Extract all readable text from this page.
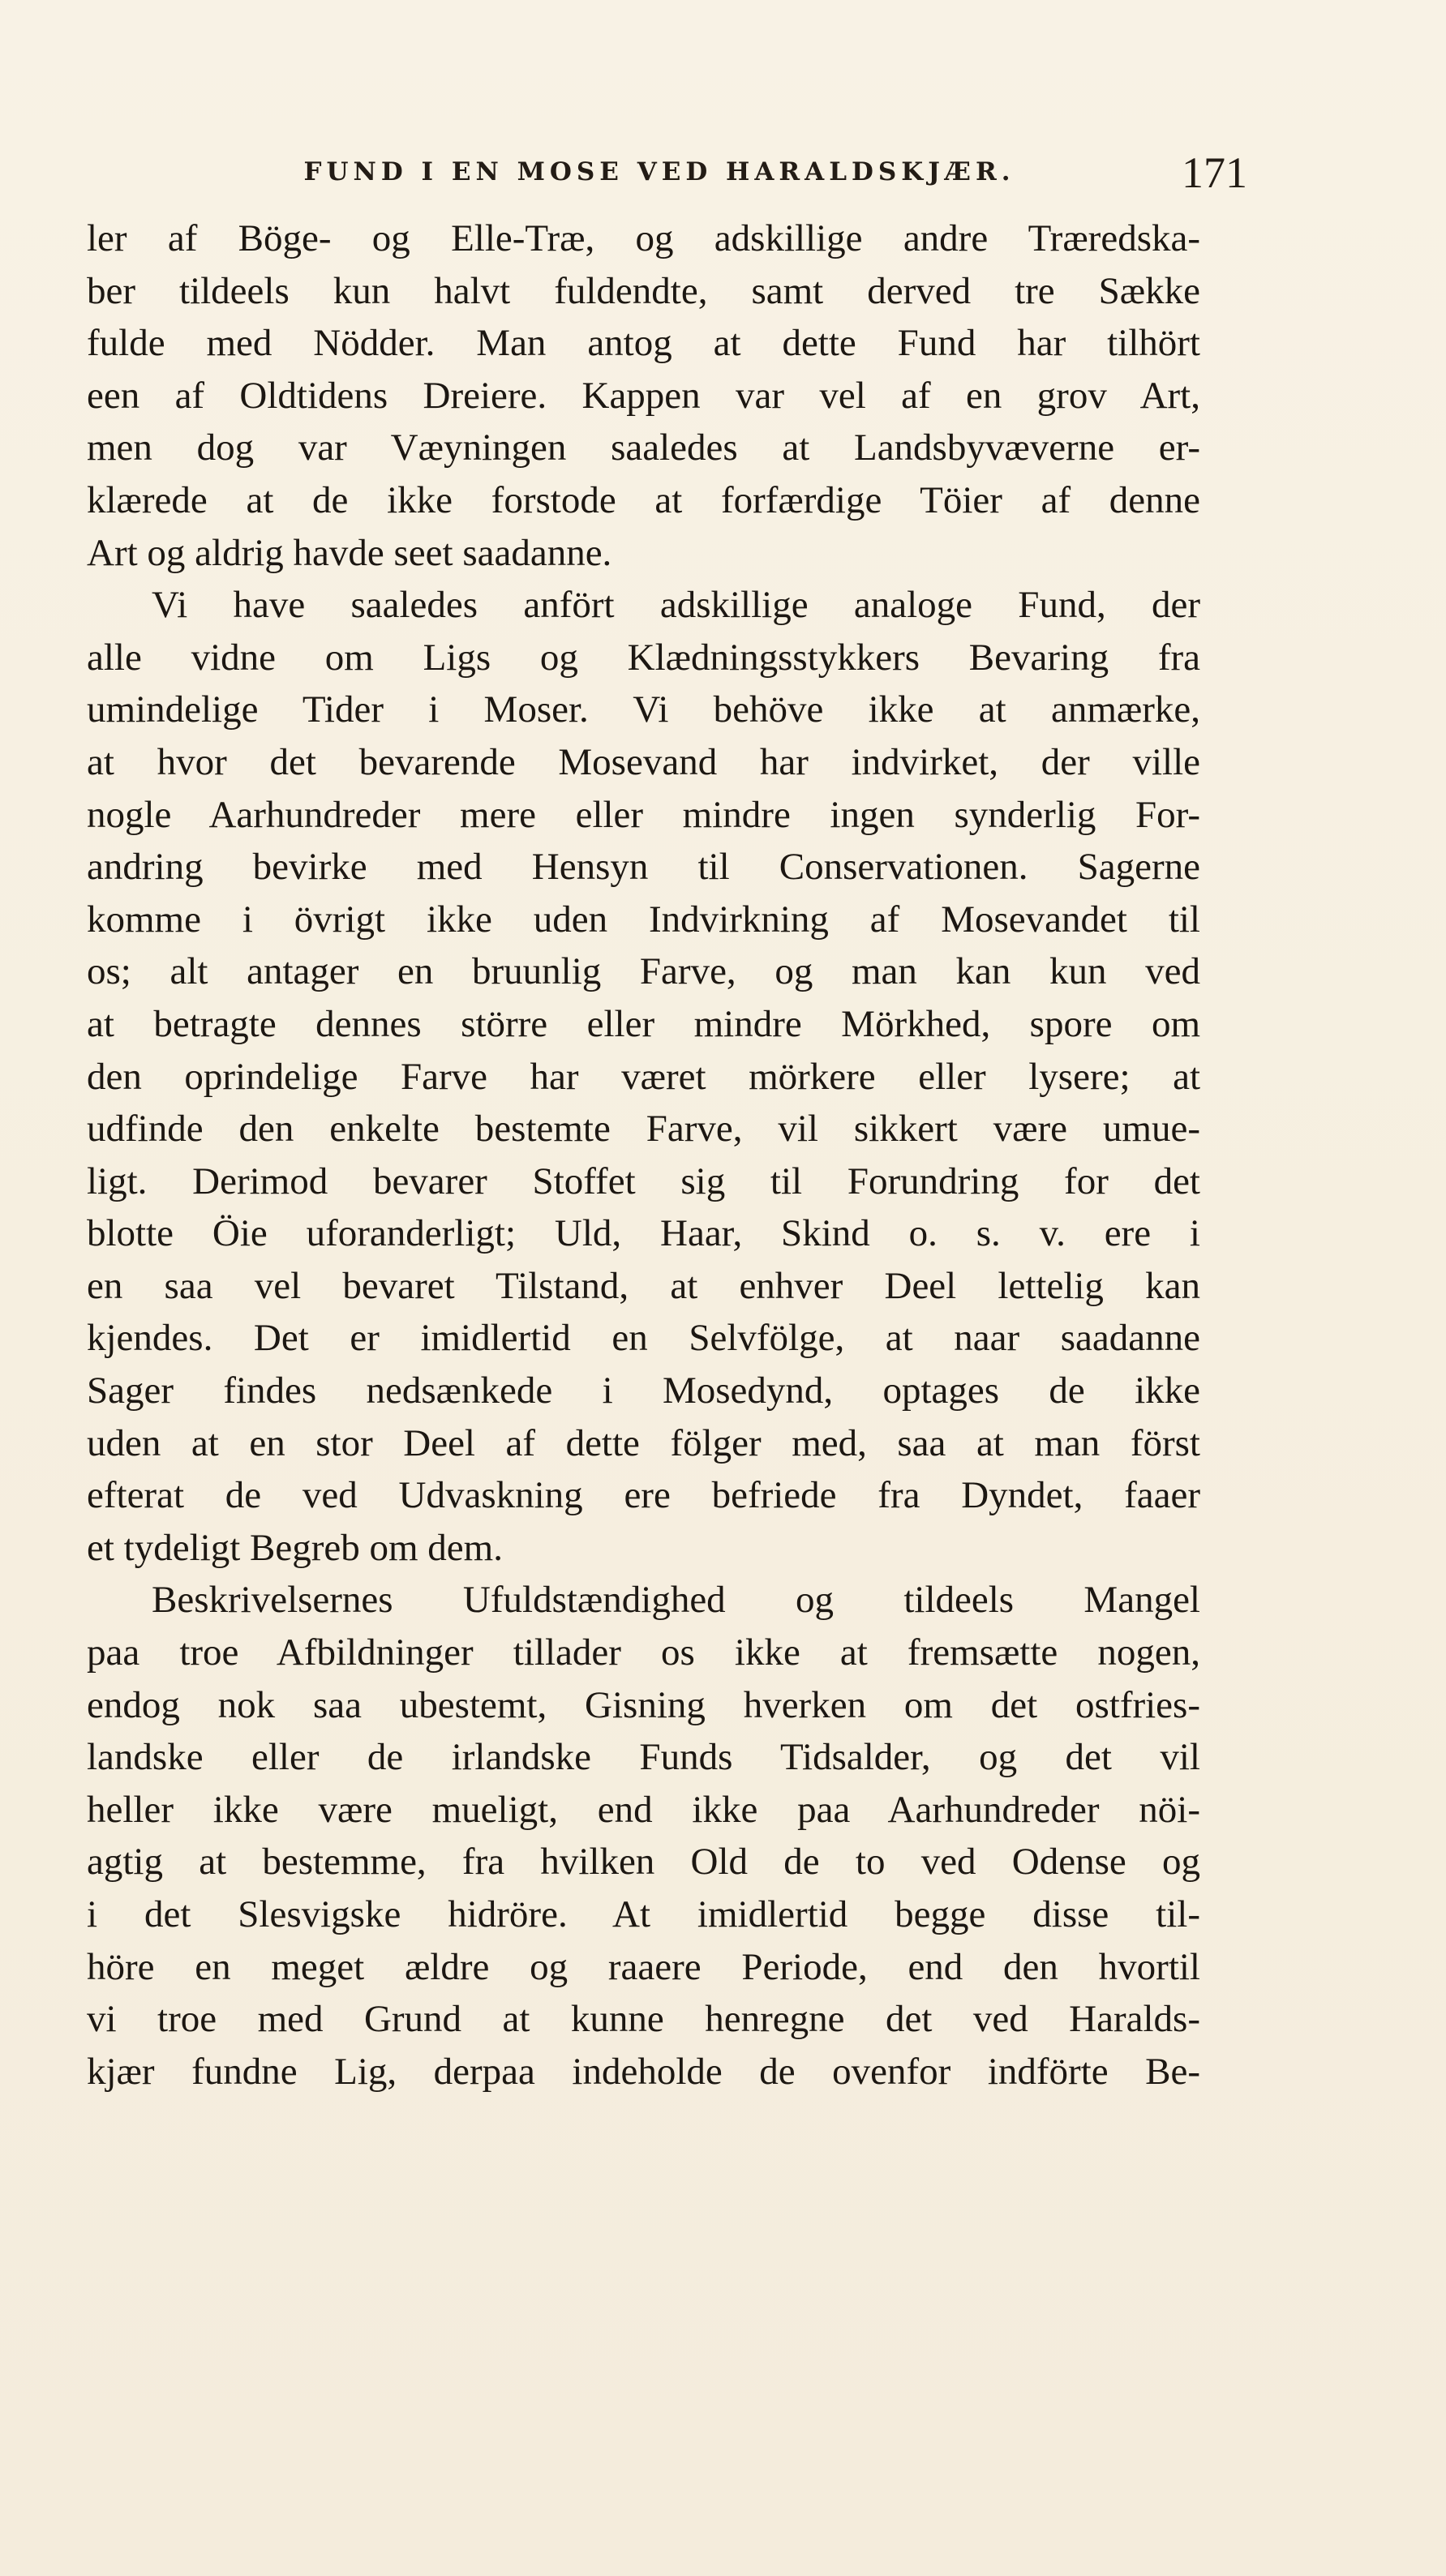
FUND I EN MOSE VED HARALDSKJÆR.	171
ler af Böge- og Elle-Træ, og adskillige andre Træredska-
ber tildeels kun halvt fuldendte, samt derved tre Sække
fulde med Nödder. Man antog at dette Fund har tilhört
een af Oldtidens Dreiere. Kappen var vel af en grov Art,
men dog var Væyningen saaledes at Landsbyvæverne er-
klærede at de ikke forstode at forfærdige Töier af denne
Art og aldrig havde seet saadanne.
Vi have saaledes anfört adskillige analoge Fund, der
alle vidne om Ligs og Klædningsstykkers Bevaring fra
umindelige Tider i Moser. Vi behöve ikke at anmærke,
at hvor det bevarende Mosevand har indvirket, der ville
nogle Aarhundreder mere eller mindre ingen synderlig For-
andring bevirke med Hensyn til Conservationen. Sagerne
komme i övrigt ikke uden Indvirkning af Mosevandet til
os; alt antager en bruunlig Farve, og man kan kun ved
at betragte dennes större eller mindre Mörkhed, spore om
den oprindelige Farve har været mörkere eller lysere; at
udfinde den enkelte bestemte Farve, vil sikkert være umue-
ligt. Derimod bevarer Stoffet sig til Forundring for det
blotte Öie uforanderligt; Uld, Haar, Skind o. s. v. ere i
en saa vel bevaret Tilstand, at enhver Deel lettelig kan
kjendes. Det er imidlertid en Selvfölge, at naar saadanne
Sager findes nedsænkede i Mosedynd, optages de ikke
uden at en stor Deel af dette fölger med, saa at man först
efterat de ved Udvaskning ere befriede fra Dyndet, faaer
et tydeligt Begreb om dem.
Beskrivelsernes Ufuldstændighed og tildeels Mangel
paa troe Afbildninger tillader os ikke at fremsætte nogen,
endog nok saa ubestemt, Gisning hverken om det ostfries-
landske eller de irlandske Funds Tidsalder, og det vil
heller ikke være mueligt, end ikke paa Aarhundreder nöi-
agtig at bestemme, fra hvilken Old de to ved Odense og
i det Slesvigske hidröre. At imidlertid begge disse til-
höre en meget ældre og raaere Periode, end den hvortil
vi troe med Grund at kunne henregne det ved Haralds-
kjær fundne Lig, derpaa indeholde de ovenfor indförte Be-
